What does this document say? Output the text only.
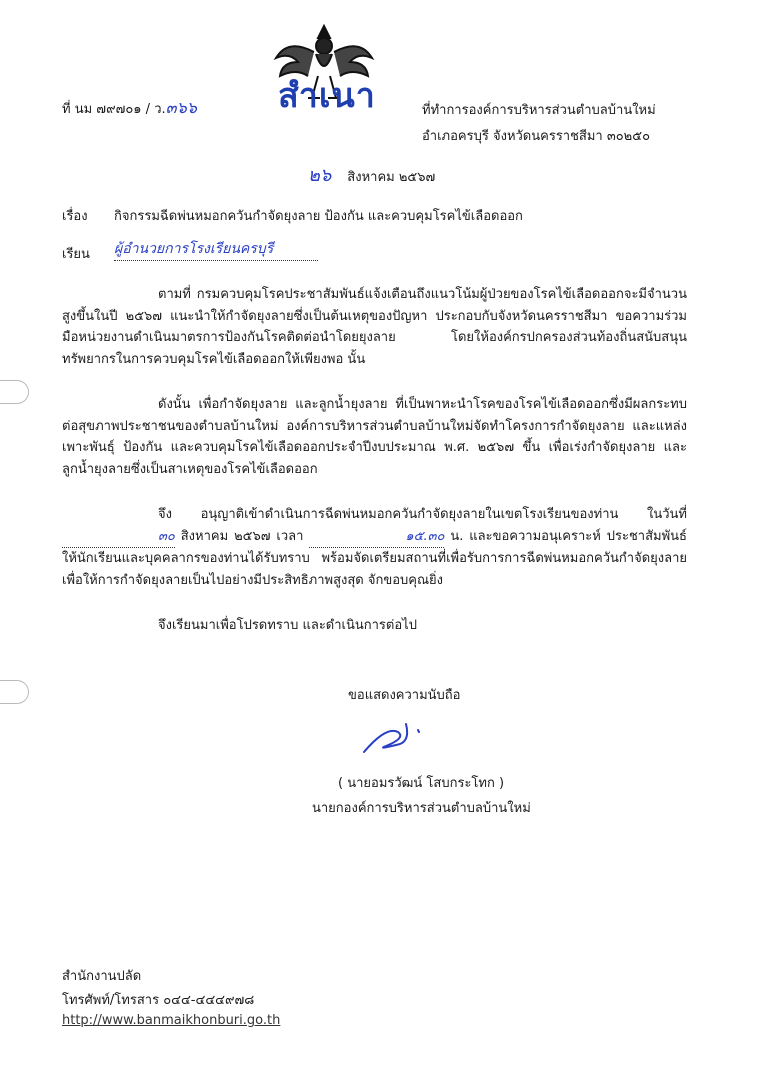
สำเนา
ที่ นม ๗๙๗๐๑ / ว.๓๖๖	ที่ทำการองค์การบริหารส่วนตำบลบ้านใหม่
อำเภอครบุรี จังหวัดนครราชสีมา ๓๐๒๕๐
๒๖ สิงหาคม ๒๕๖๗
เรื่อง กิจกรรมฉีดพ่นหมอกควันกำจัดยุงลาย ป้องกัน และควบคุมโรคไข้เลือดออก
เรียน ผู้อำนวยการโรงเรียนครบุรี
ตามที่ กรมควบคุมโรคประชาสัมพันธ์แจ้งเตือนถึงแนวโน้มผู้ป่วยของโรคไข้เลือดออกจะมีจำนวนสูงขึ้นในปี ๒๕๖๗ แนะนำให้กำจัดยุงลายซึ่งเป็นต้นเหตุของปัญหา ประกอบกับจังหวัดนครราชสีมา ขอความร่วมมือหน่วยงานดำเนินมาตรการป้องกันโรคติดต่อนำโดยยุงลาย โดยให้องค์กรปกครองส่วนท้องถิ่นสนับสนุนทรัพยากรในการควบคุมโรคไข้เลือดออกให้เพียงพอ นั้น
ดังนั้น เพื่อกำจัดยุงลาย และลูกน้ำยุงลาย ที่เป็นพาหะนำโรคของโรคไข้เลือดออกซึ่งมีผลกระทบต่อสุขภาพประชาชนของตำบลบ้านใหม่ องค์การบริหารส่วนตำบลบ้านใหม่จัดทำโครงการกำจัดยุงลาย และแหล่งเพาะพันธุ์ ป้องกัน และควบคุมโรคไข้เลือดออกประจำปีงบประมาณ พ.ศ. ๒๕๖๗ ขึ้น เพื่อเร่งกำจัดยุงลาย และลูกน้ำยุงลายซึ่งเป็นสาเหตุของโรคไข้เลือดออก
จึง อนุญาติเข้าดำเนินการฉีดพ่นหมอกควันกำจัดยุงลายในเขตโรงเรียนของท่าน ในวันที่ ๓๐ สิงหาคม ๒๕๖๗ เวลา	๑๕.๓๐ น. และขอความอนุเคราะห์ ประชาสัมพันธ์ให้นักเรียนและบุคคลากรของท่านได้รับทราบ พร้อมจัดเตรียมสถานที่เพื่อรับการการฉีดพ่นหมอกควันกำจัดยุงลาย เพื่อให้การกำจัดยุงลายเป็นไปอย่างมีประสิทธิภาพสูงสุด จักขอบคุณยิ่ง
จึงเรียนมาเพื่อโปรดทราบ และดำเนินการต่อไป
ขอแสดงความนับถือ
( นายอมรวัฒน์ โสบกระโทก )
นายกองค์การบริหารส่วนตำบลบ้านใหม่
สำนักงานปลัด
โทรศัพท์/โทรสาร ๐๔๔-๔๔๔๙๗๘
http://www.banmaikhonburi.go.th
